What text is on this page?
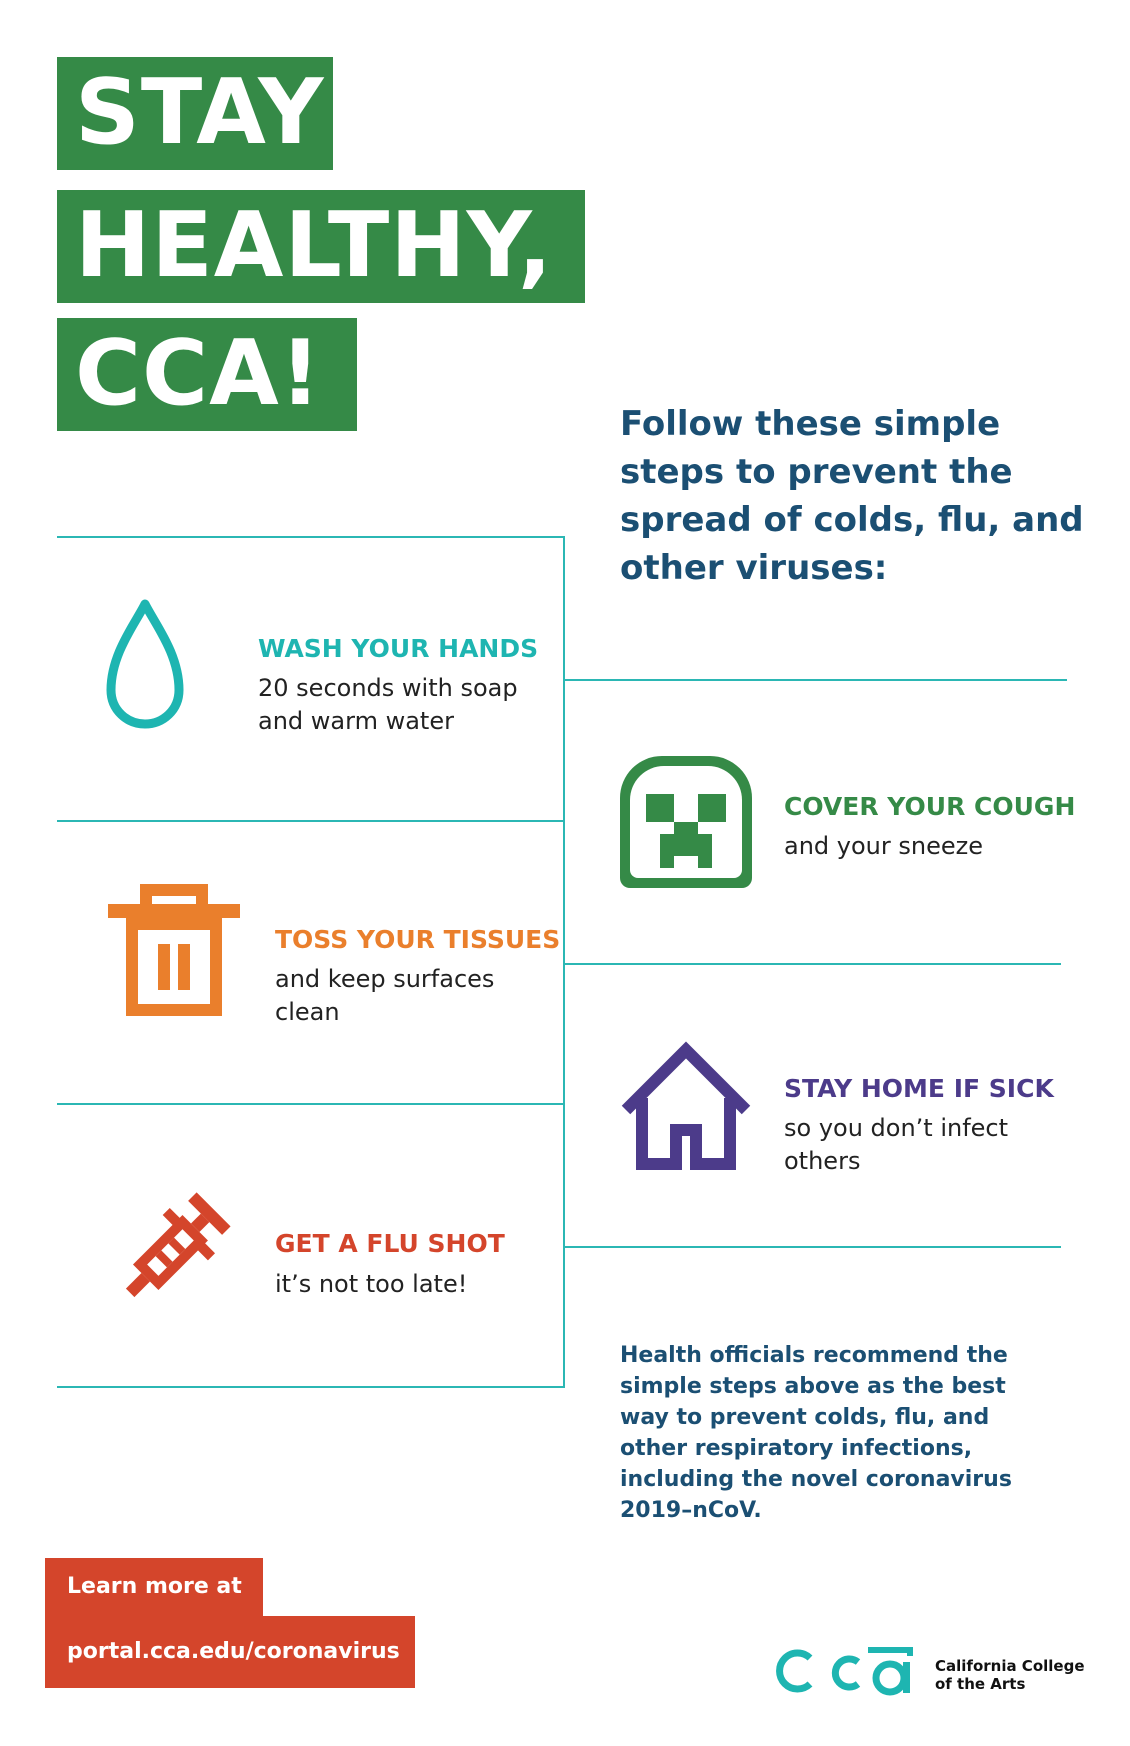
STAY
HEALTHY,
CCA!	Follow these simple steps to prevent the spread of colds, flu, and other viruses:
WASH YOUR HANDS
20 seconds with soap and warm water
COVER YOUR COUGH
and your sneeze
TOSS YOUR TISSUES
and keep surfaces clean
STAY HOME IF SICK
so you don’t infect others
GET A FLU SHOT
it’s not too late!
Health officials recommend the simple steps above as the best way to prevent colds, flu, and other respiratory infections, including the novel coronavirus 2019–nCoV.
Learn more at
portal.cca.edu/coronavirus
California College
of the Arts
